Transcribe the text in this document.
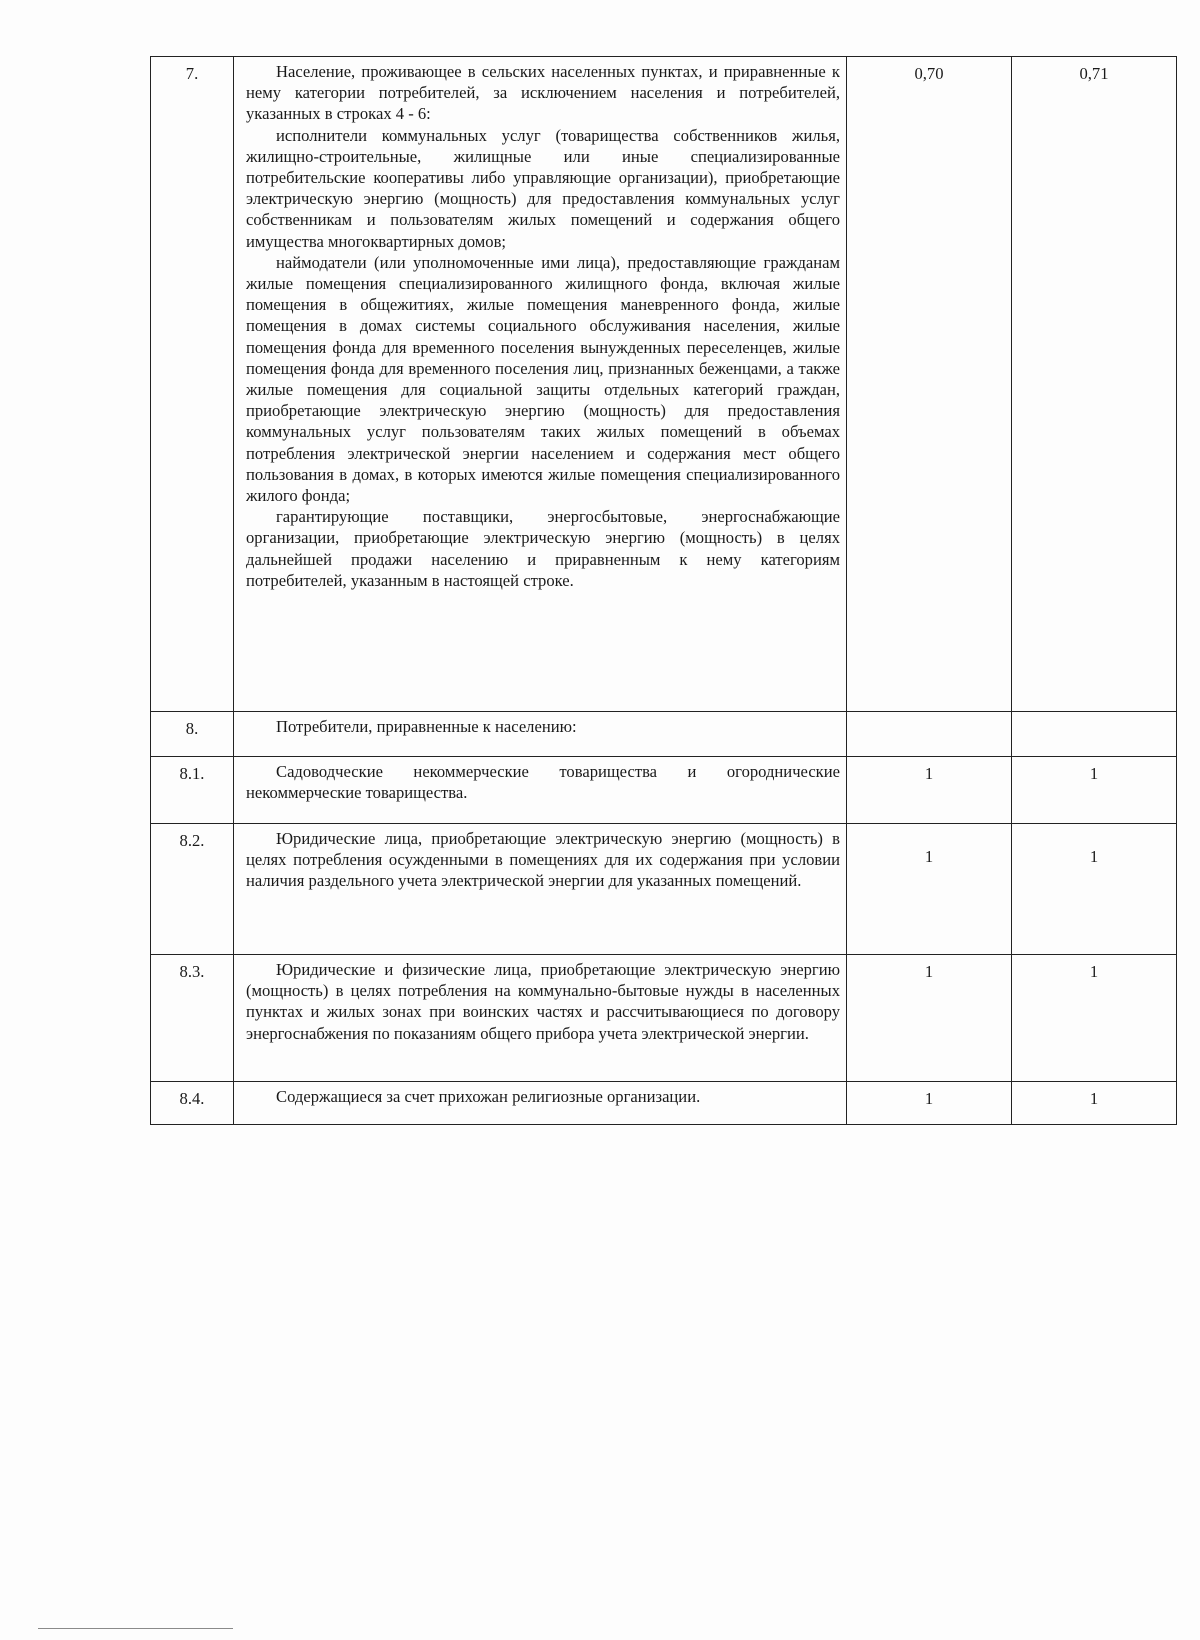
7.	Население, проживающее в сельских населенных пунктах, и приравненные к нему категории потребителей, за исключением населения и потребителей, указанных в строках 4 - 6:
исполнители коммунальных услуг (товарищества собственников жилья, жилищно-строительные, жилищные или иные специализированные потребительские кооперативы либо управляющие организации), приобретающие электрическую энергию (мощность) для предоставления коммунальных услуг собственникам и пользователям жилых помещений и содержания общего имущества многоквартирных домов;
наймодатели (или уполномоченные ими лица), предоставляющие гражданам жилые помещения специализированного жилищного фонда, включая жилые помещения в общежитиях, жилые помещения маневренного фонда, жилые помещения в домах системы социального обслуживания населения, жилые помещения фонда для временного поселения вынужденных переселенцев, жилые помещения фонда для временного поселения лиц, признанных беженцами, а также жилые помещения для социальной защиты отдельных категорий граждан, приобретающие электрическую энергию (мощность) для предоставления коммунальных услуг пользователям таких жилых помещений в объемах потребления электрической энергии населением и содержания мест общего пользования в домах, в которых имеются жилые помещения специализированного жилого фонда;
гарантирующие поставщики, энергосбытовые, энергоснабжающие организации, приобретающие электрическую энергию (мощность) в целях дальнейшей продажи населению и приравненным к нему категориям потребителей, указанным в настоящей строке.	0,70	0,71
8.	Потребители, приравненные к населению:		

8.1.	Садоводческие некоммерческие товарищества и огороднические некоммерческие товарищества.	1	1
8.2.	Юридические лица, приобретающие электрическую энергию (мощность) в целях потребления осужденными в помещениях для их содержания при условии наличия раздельного учета электрической энергии для указанных помещений.	1	1
8.3.	Юридические и физические лица, приобретающие электрическую энергию (мощность) в целях потребления на коммунально-бытовые нужды в населенных пунктах и жилых зонах при воинских частях и рассчитывающиеся по договору энергоснабжения по показаниям общего прибора учета электрической энергии.	1	1
8.4.	Содержащиеся за счет прихожан религиозные организации.	1	1
